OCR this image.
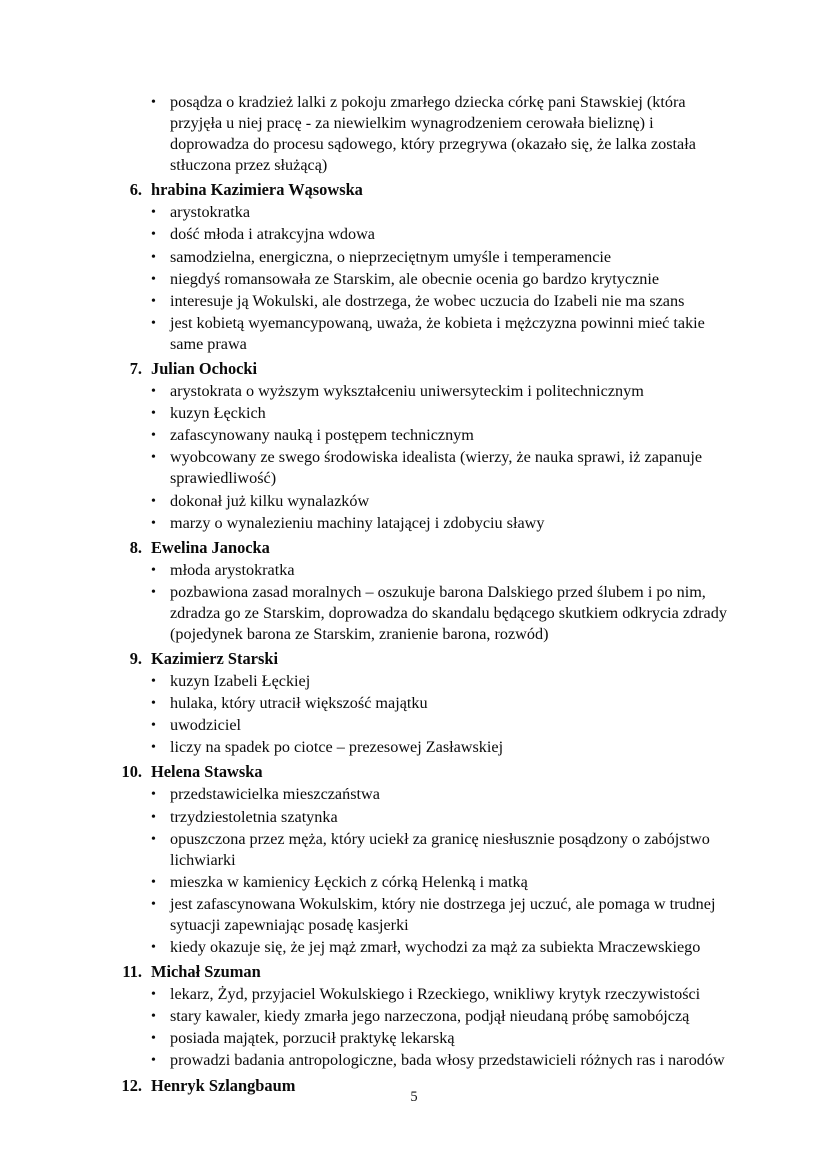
• posądza o kradzież lalki z pokoju zmarłego dziecka córkę pani Stawskiej (która przyjęła u niej pracę - za niewielkim wynagrodzeniem cerowała bieliznę) i doprowadza do procesu sądowego, który przegrywa (okazało się, że lalka została stłuczona przez służącą)
6. hrabina Kazimiera Wąsowska
• arystokratka
• dość młoda i atrakcyjna wdowa
• samodzielna, energiczna, o nieprzeciętnym umyśle i temperamencie
• niegdyś romansowała ze Starskim, ale obecnie ocenia go bardzo krytycznie
• interesuje ją Wokulski, ale dostrzega, że wobec uczucia do Izabeli nie ma szans
• jest kobietą wyemancypowaną, uważa, że kobieta i mężczyzna powinni mieć takie same prawa
7. Julian Ochocki
• arystokrata o wyższym wykształceniu uniwersyteckim i politechnicznym
• kuzyn Łęckich
• zafascynowany nauką i postępem technicznym
• wyobcowany ze swego środowiska idealista (wierzy, że nauka sprawi, iż zapanuje sprawiedliwość)
• dokonał już kilku wynalazków
• marzy o wynalezieniu machiny latającej i zdobyciu sławy
8. Ewelina Janocka
• młoda arystokratka
• pozbawiona zasad moralnych – oszukuje barona Dalskiego przed ślubem i po nim, zdradza go ze Starskim, doprowadza do skandalu będącego skutkiem odkrycia zdrady (pojedynek barona ze Starskim, zranienie barona, rozwód)
9. Kazimierz Starski
• kuzyn Izabeli Łęckiej
• hulaka, który utracił większość majątku
• uwodziciel
• liczy na spadek po ciotce – prezesowej Zasławskiej
10. Helena Stawska
• przedstawicielka mieszczaństwa
• trzydziestoletnia szatynka
• opuszczona przez męża, który uciekł za granicę niesłusznie posądzony o zabójstwo lichwiarki
• mieszka w kamienicy Łęckich z córką Helenką i matką
• jest zafascynowana Wokulskim, który nie dostrzega jej uczuć, ale pomaga w trudnej sytuacji zapewniając posadę kasjerki
• kiedy okazuje się, że jej mąż zmarł, wychodzi za mąż za subiekta Mraczewskiego
11. Michał Szuman
• lekarz, Żyd, przyjaciel Wokulskiego i Rzeckiego, wnikliwy krytyk rzeczywistości
• stary kawaler, kiedy zmarła jego narzeczona, podjął nieudaną próbę samobójczą
• posiada majątek, porzucił praktykę lekarską
• prowadzi badania antropologiczne, bada włosy przedstawicieli różnych ras i narodów
12. Henryk Szlangbaum
5
